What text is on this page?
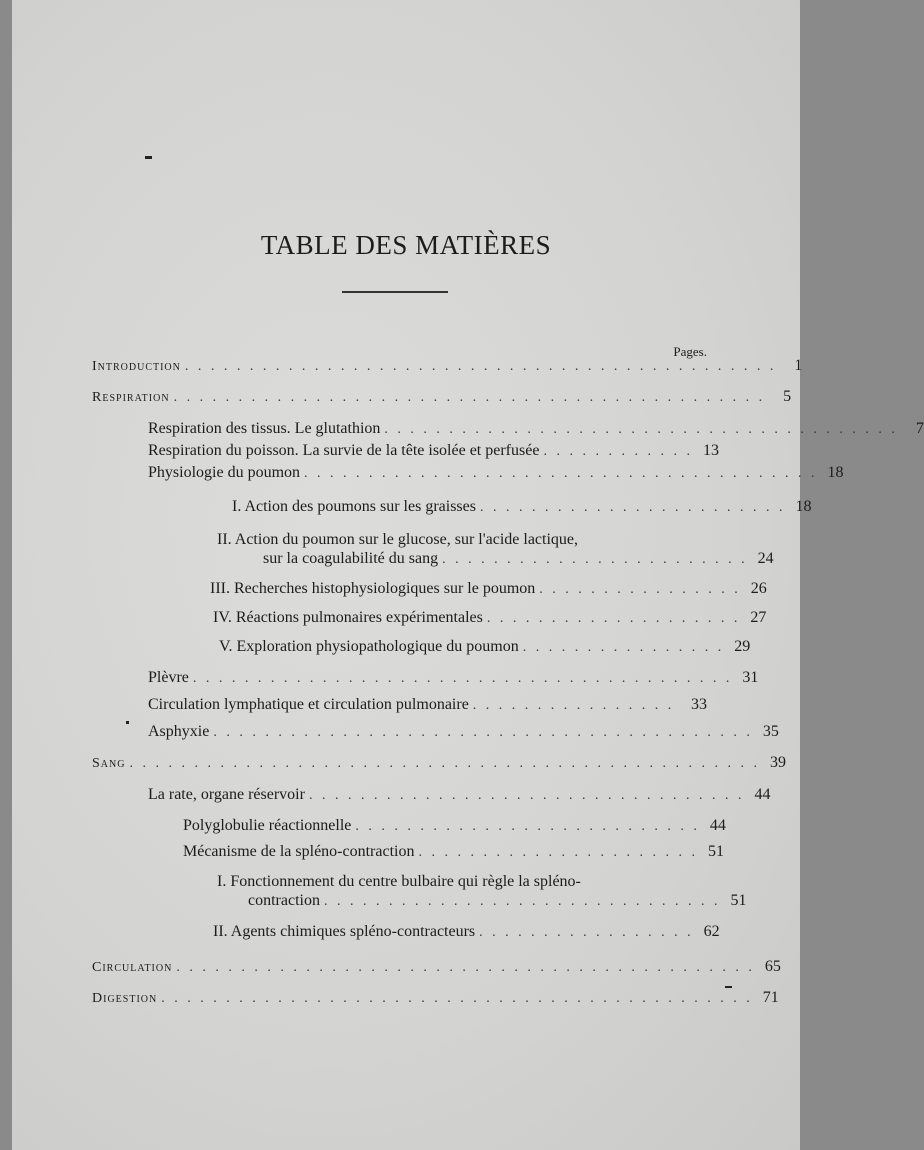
TABLE DES MATIÈRES
Pages.
Introduction . . . . . . . . . . . . . . . . . . . . . . . . . . . . . . . . . . . . . . . . . . . . . .	1
Respiration . . . . . . . . . . . . . . . . . . . . . . . . . . . . . . . . . . . . . . . . . . . . . .	5
Respiration des tissus. Le glutathion . . . . . . . . . . . . . . . . . . . . . . . . . . . . . . . . . . . . . . . .	7
Respiration du poisson. La survie de la tête isolée et perfusée . . . . . . . . . . . . 13
Physiologie du poumon . . . . . . . . . . . . . . . . . . . . . . . . . . . . . . . . . . . . . . . . 18
I. Action des poumons sur les graisses . . . . . . . . . . . . . . . . . . . . . . . . 18
II. Action du poumon sur le glucose, sur l'acide lactique,
sur la coagulabilité du sang . . . . . . . . . . . . . . . . . . . . . . . . 24
III. Recherches histophysiologiques sur le poumon . . . . . . . . . . . . . . . . 26
IV. Réactions pulmonaires expérimentales . . . . . . . . . . . . . . . . . . . . 27
V. Exploration physiopathologique du poumon . . . . . . . . . . . . . . . . 29
Plèvre . . . . . . . . . . . . . . . . . . . . . . . . . . . . . . . . . . . . . . . . . . 31
Circulation lymphatique et circulation pulmonaire . . . . . . . . . . . . . . . .	33
Asphyxie . . . . . . . . . . . . . . . . . . . . . . . . . . . . . . . . . . . . . . . . . . 35
Sang . . . . . . . . . . . . . . . . . . . . . . . . . . . . . . . . . . . . . . . . . . . . . . . . . 39
La rate, organe réservoir . . . . . . . . . . . . . . . . . . . . . . . . . . . . . . . . . . 44
Polyglobulie réactionnelle . . . . . . . . . . . . . . . . . . . . . . . . . . . 44
Mécanisme de la spléno-contraction . . . . . . . . . . . . . . . . . . . . . . 51
I. Fonctionnement du centre bulbaire qui règle la spléno-
contraction . . . . . . . . . . . . . . . . . . . . . . . . . . . . . . . 51
II. Agents chimiques spléno-contracteurs . . . . . . . . . . . . . . . . . 62
Circulation . . . . . . . . . . . . . . . . . . . . . . . . . . . . . . . . . . . . . . . . . . . . . 65
Digestion . . . . . . . . . . . . . . . . . . . . . . . . . . . . . . . . . . . . . . . . . . . . . . 71
